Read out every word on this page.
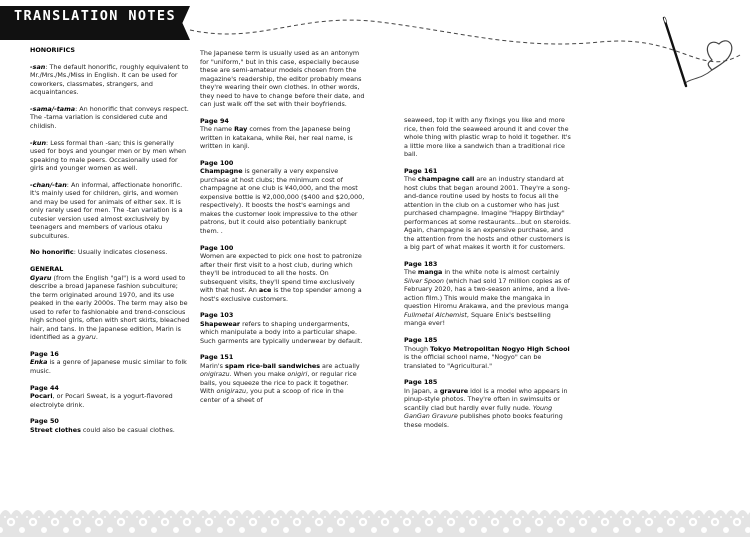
TRANSLATION NOTES
HONORIFICS
-san: The default honorific, roughly equivalent to Mr./Mrs./Ms./Miss in English. It can be used for coworkers, classmates, strangers, and acquaintances.
-sama/-tama: An honorific that conveys respect. The -tama variation is considered cute and childish.
-kun: Less formal than -san; this is generally used for boys and younger men or by men when speaking to male peers. Occasionally used for girls and younger women as well.
-chan/-tan: An informal, affectionate honorific. It's mainly used for children, girls, and women and may be used for animals of either sex. It is only rarely used for men. The -tan variation is a cutesier version used almost exclusively by teenagers and members of various otaku subcultures.
No honorific: Usually indicates closeness.
GENERAL
Gyaru (from the English "gal") is a word used to describe a broad Japanese fashion subculture; the term originated around 1970, and its use peaked in the early 2000s. The term may also be used to refer to fashionable and trend-conscious high school girls, often with short skirts, bleached hair, and tans. In the Japanese edition, Marin is identified as a gyaru.
Page 16
Enka is a genre of Japanese music similar to folk music.
Page 44
Pocari, or Pocari Sweat, is a yogurt-flavored electrolyte drink.
Page 50
Street clothes could also be casual clothes.
The Japanese term is usually used as an antonym for "uniform," but in this case, especially because these are semi-amateur models chosen from the magazine's readership, the editor probably means they're wearing their own clothes. In other words, they need to have to change before their date, and can just walk off the set with their boyfriends.
Page 94
The name Ray comes from the Japanese being written in katakana, while Rei, her real name, is written in kanji.
Page 100
Champagne is generally a very expensive purchase at host clubs; the minimum cost of champagne at one club is ¥40,000, and the most expensive bottle is ¥2,000,000 ($400 and $20,000, respectively). It boosts the host's earnings and makes the customer look impressive to the other patrons, but it could also potentially bankrupt them. .
Page 100
Women are expected to pick one host to patronize after their first visit to a host club, during which they'll be introduced to all the hosts. On subsequent visits, they'll spend time exclusively with that host. An ace is the top spender among a host's exclusive customers.
Page 103
Shapewear refers to shaping undergarments, which manipulate a body into a particular shape. Such garments are typically underwear by default.
Page 151
Marin's spam rice-ball sandwiches are actually onigirazu. When you make onigiri, or regular rice balls, you squeeze the rice to pack it together. With onigirazu, you put a scoop of rice in the center of a sheet of
seaweed, top it with any fixings you like and more rice, then fold the seaweed around it and cover the whole thing with plastic wrap to hold it together. It's a little more like a sandwich than a traditional rice ball.
Page 161
The champagne call are an industry standard at host clubs that began around 2001. They're a song-and-dance routine used by hosts to focus all the attention in the club on a customer who has just purchased champagne. Imagine "Happy Birthday" performances at some restaurants...but on steroids. Again, champagne is an expensive purchase, and the attention from the hosts and other customers is a big part of what makes it worth it for customers.
Page 183
The manga in the white note is almost certainly Silver Spoon (which had sold 17 million copies as of February 2020, has a two-season anime, and a live-action film.) This would make the mangaka in question Hiromu Arakawa, and the previous manga Fullmetal Alchemist, Square Enix's bestselling manga ever!
Page 185
Though Tokyo Metropolitan Nogyo High School is the official school name, "Nogyo" can be translated to "Agricultural."
Page 185
In Japan, a gravure idol is a model who appears in pinup-style photos. They're often in swimsuits or scantily clad but hardly ever fully nude. Young GanGan Gravure publishes photo books featuring these models.
